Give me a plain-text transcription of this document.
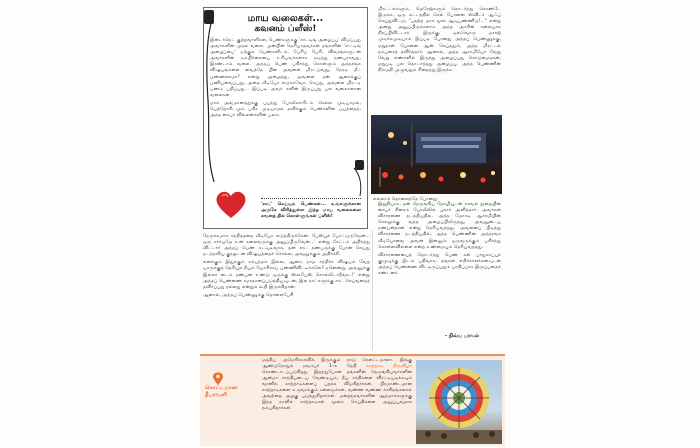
மாய வலைகள்...
கவனம் ப்ளீஸ்!

இன்டர்நெட் குற்றவாளிகள், பெண்களுக்கு 'சாட்டிங் அழைப்பு' விடுப்பது அவர்களின் முதல் வலை. முன்பின் தெரியாதவர்கள் தங்களின் 'சாட்டிங் அழைப்பை' ஏற்கும் பெண்களிடம், பேசிப் பேசி, விவரங்களுடன் அவர்களின் நம்பிக்கையை உரியவர்களாக நடித்து நண்பராவது, இரண்டாம் வலை. அந்தப் பெண் பகிர்ந்து கொள்ளும் அந்தரங்க விஷயங்களை வைத்தே பின் அவளை மிரட்டுவது, நேரடி மீட் பண்ணலாமா? என்று அழைத்து, அவளை தன் ஆசைக்குப் பணியவைப்பது, அதை வீடியோ எடுக்கவோ, செய்து, அவளை மிரட்டி பணம் பறிப்பது... இப்படி அவர் களின் இருப்பது பல வகைகளான வலைகள்.

மாசு அவமானத்துக்கு பயந்து போலீஸாரிடம் செல்ல முடியாமல், பெற்றோரிடமும் பகிர முடியாமல் தவிக்கும் பெண்களின் பயத்தைத், அந்த சைபர் வில்லன்களின் பலம்.

'சாட்' செய்யும் பெண்கள்... உங்களுக்கான அருகே விரித்துள்ள இந்த மாய வலைகளை கவனத் தில் கொள்ளுங்கள் ப்ளீஸ்!

நேருக்கமாக சந்தித்ததை வீடியோ எடுத்திருக்கேன். பேஸ்புக் போட்டுருவேன்... ஒரு கார்யமே உன் கலைவருக்கு அனுப்பிருவேன்...' என்று கேட்டக அதிர்ந்து விட்டார் அந்தப் பெண் கடவுடிவாக, தன் சாட் நண்பருக்கு போன் செய்து நடந்தவிய குரலுடன் விஷயத்தைச் சொல்ல, அவனுக்கும் அதிர்ச்சி.

எனக்கும் இதுக்கும் சம்பந்தம் இல்ல, ஆனா, நாம சந்திச்ச விஷயம் வேற யாருக்குத் தெரியும் நீயும் யோசிச்சுப் பண்ணிவிட்டீர்களே? ஏனென்று, அவனுக்கு இல்லா டைம் நண்பன் உண்டு ஒருக்கு ஸ்கூபேஸ் சொல்லிடாதீங்க..!' என்று அந்தப் பெண்ணை சமாதானப்படுத்தியவுடன், இல நாட்களுக்கு சாட் செய்வதைத் தவிர்ப்பது நல்லது என்றும் கூறி இருக்கிறான்.

ஆனால், அந்தப் பெண்ணுக்கு தொலைபேசி

மிரட்டல்களும், மெசேஜ்களும் தொடர்ந்து கொண்டே இருக்க, ஒரு கட்டத்தில் செல் போனை ஸ்விட்ச் ஆஃப் செய்துவிட்டு, "பதற்ற மாக மூவ் ஆவுபண்ணிடு!..." என்று அன்று அனுப்பிருக்கலாம் அந்த அசரின் கலையாக நிரப்பிவிட்டார். இருக்கு, ஒவ்வொரு மசாஜ் முடிக்கமுடியாம் இப்படி போனது அந்தப் பெண்ணுக்கு, மறுநாள் போனை ஆன் செய்ததும், அந்த மிரட்டல் நம்பரைத் தவிர்த்தார். ஆனால், அந்த ஆசாமியோ வேறு வேறு எண்களில் இருந்து அழைப்பது கொடுமைதான், மறுபடி பல தொடர்ந்தது அழைப்பு, அந்த பெண்ணின் நிம்மதி முழுவதும் சிதைந்து இருக்க.

எல்லாம் தொலைந்தே போனது.

இறுதியாக, தன் நெருங்கிய தோழியுடன் காவல் துறையின் சைபர் கிரைம் போலீஸில் புகார் அளித்தார். அவர்கள் விசாரணை நடத்தியதில், அந்த மோசடி ஆசாமியின் செல்லுக்கு வந்த அழைப்பிலிருந்து, அவனுடைய நண்பன்தான் என்று தெரியவந்தது. அவனைப் பிடித்து விசாரணை நடத்தியதில், அந்த பெண்ணின் அந்தரங்க வீடியோவை அவன் இன்னும் ஒருவருக்கும் பகிர்ந்து கொள்ளவில்லை என்ற உண்மையும் தெரியவந்தது.

விசாரணையைத் தொடர்ந்து பெண் கள் பாதுகாப்புக் குழுவுக்கு இடம் பதிவாக, தங்கள் எதிர்காலக்கனவுடன் அந்தப் பெண்ணை விட்டிருப்பதும் பாதிப்பாக இருப்பதைக் கண்டனர்.

- நிவ்ய பரவல்
கொட்டமான
தீபாவளி

மத்திய அமெரிக்காவில் இருக்கும் நாடு கௌட்டமாலா. இங்கு ஆண்டுதோறும் நவம்பர் 1-ம் தேதி காற்றாடி திருவிழா கொண்டாடப்படுகிறது. இறந்துபோன தங்களின் நெருங்கியவர்களின் ஆன்மா சாந்தியடைய வேண்டியும், தீய சக்திகளை விரட்டியடிக்கவும் வானில் காற்றாடிகளைப் பறக்க விடுகிறார்கள். பிரமாண்டமான காற்றாடிகளை உருவாக்கும் கலைஞர்கள், வண்ண வண்ண காகிதங்களால் அவற்றை அழகு படுத்துகிறார்கள். மறைந்தவர்களின் ஆத்மாக்களுக்கு இந்த நாளில் காற்றாடிகள் மூலம் செய்திகளை அனுப்புவதாக நம்புகிறார்கள்.
